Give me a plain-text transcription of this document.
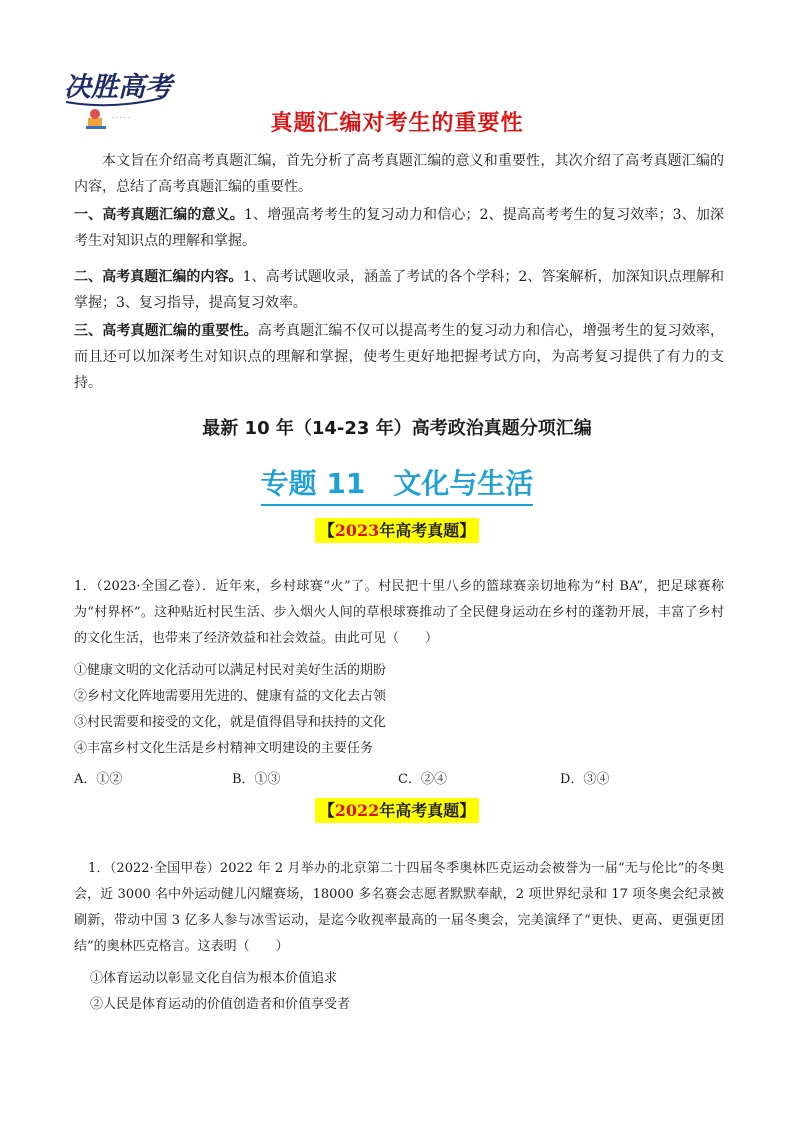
决胜高考
· · · · ·	真题汇编对考生的重要性
本文旨在介绍高考真题汇编，首先分析了高考真题汇编的意义和重要性，其次介绍了高考真题汇编的内容，总结了高考真题汇编的重要性。
一、高考真题汇编的意义。1、增强高考考生的复习动力和信心；2、提高高考考生的复习效率；3、加深考生对知识点的理解和掌握。
二、高考真题汇编的内容。1、高考试题收录，涵盖了考试的各个学科；2、答案解析，加深知识点理解和掌握；3、复习指导，提高复习效率。
三、高考真题汇编的重要性。高考真题汇编不仅可以提高考生的复习动力和信心，增强考生的复习效率，而且还可以加深考生对知识点的理解和掌握，使考生更好地把握考试方向，为高考复习提供了有力的支持。
最新 10 年（14-23 年）高考政治真题分项汇编
专题 11　文化与生活
【2023年高考真题】
1．（2023·全国乙卷）．近年来，乡村球赛“火”了。村民把十里八乡的篮球赛亲切地称为“村 BA”，把足球赛称为“村界杯”。这种贴近村民生活、步入烟火人间的草根球赛推动了全民健身运动在乡村的蓬勃开展，丰富了乡村的文化生活，也带来了经济效益和社会效益。由此可见（　　）
①健康文明的文化活动可以满足村民对美好生活的期盼
②乡村文化阵地需要用先进的、健康有益的文化去占领
③村民需要和接受的文化，就是值得倡导和扶持的文化
④丰富乡村文化生活是乡村精神文明建设的主要任务
A．①②	B．①③	C．②④	D．③④
【2022年高考真题】
1．（2022·全国甲卷）2022 年 2 月举办的北京第二十四届冬季奥林匹克运动会被誉为一届“无与伦比”的冬奥会，近 3000 名中外运动健儿闪耀赛场，18000 多名赛会志愿者默默奉献，2 项世界纪录和 17 项冬奥会纪录被刷新，带动中国 3 亿多人参与冰雪运动，是迄今收视率最高的一届冬奥会，完美演绎了“更快、更高、更强更团结”的奥林匹克格言。这表明（　　）
①体育运动以彰显文化自信为根本价值追求
②人民是体育运动的价值创造者和价值享受者
